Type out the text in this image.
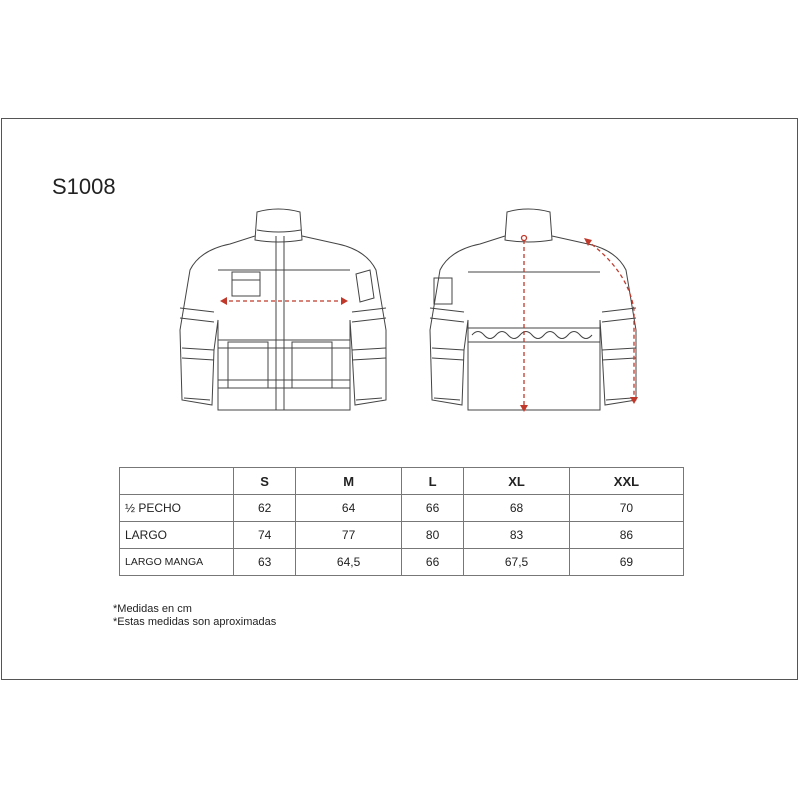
S1008
	S	M	L	XL	XXL
½ PECHO	62	64	66	68	70
LARGO	74	77	80	83	86
LARGO MANGA	63	64,5	66	67,5	69
*Medidas en cm
*Estas medidas son aproximadas
